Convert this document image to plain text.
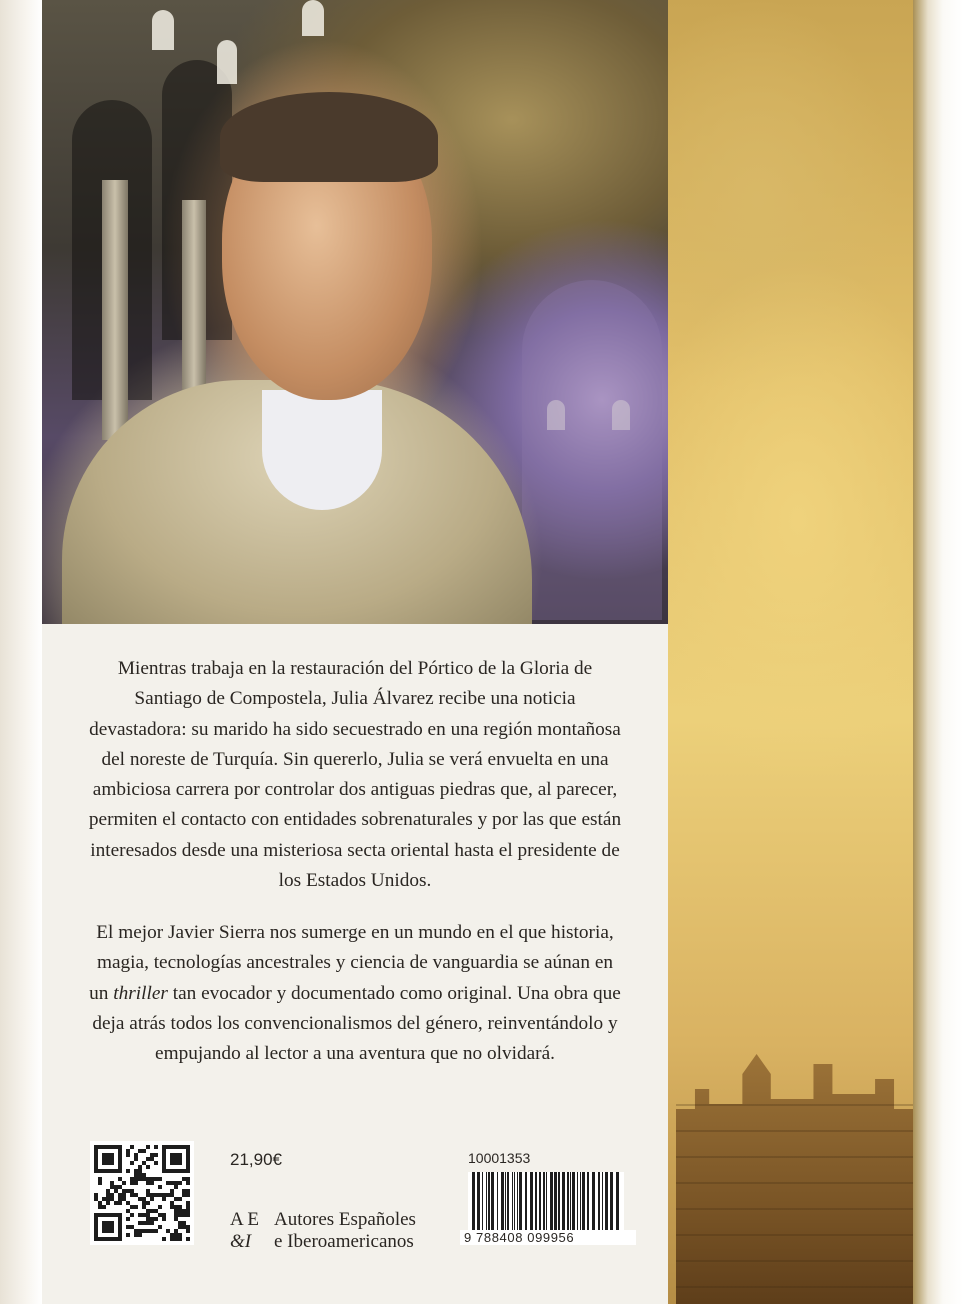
Mientras trabaja en la restauración del Pórtico de la Gloria de Santiago de Compostela, Julia Álvarez recibe una noticia devastadora: su marido ha sido secuestrado en una región montañosa del noreste de Turquía. Sin quererlo, Julia se verá envuelta en una ambiciosa carrera por controlar dos antiguas piedras que, al parecer, permiten el contacto con entidades sobrenaturales y por las que están interesados desde una misteriosa secta oriental hasta el presidente de los Estados Unidos.

El mejor Javier Sierra nos sumerge en un mundo en el que historia, magia, tecnologías ancestrales y ciencia de vanguardia se aúnan en un thriller tan evocador y documentado como original. Una obra que deja atrás todos los convencionalismos del género, reinventándolo y empujando al lector a una aventura que no olvidará.

21,90€
A E
&I
Autores Españoles
e Iberoamericanos
10001353
9 788408 099956
